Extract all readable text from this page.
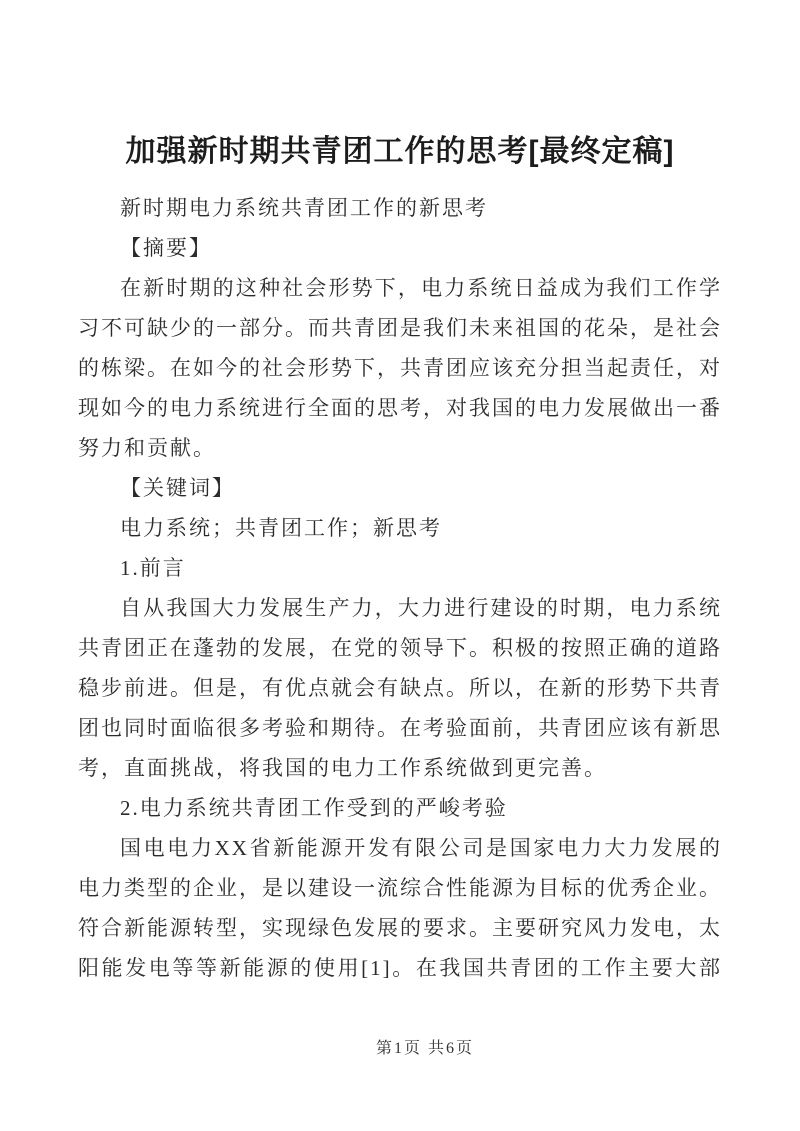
加强新时期共青团工作的思考[最终定稿]
新时期电力系统共青团工作的新思考
【摘要】
在新时期的这种社会形势下，电力系统日益成为我们工作学
习不可缺少的一部分。而共青团是我们未来祖国的花朵，是社会
的栋梁。在如今的社会形势下，共青团应该充分担当起责任，对
现如今的电力系统进行全面的思考，对我国的电力发展做出一番
努力和贡献。
【关键词】
电力系统；共青团工作；新思考
1.前言
自从我国大力发展生产力，大力进行建设的时期，电力系统
共青团正在蓬勃的发展，在党的领导下。积极的按照正确的道路
稳步前进。但是，有优点就会有缺点。所以，在新的形势下共青
团也同时面临很多考验和期待。在考验面前，共青团应该有新思
考，直面挑战，将我国的电力工作系统做到更完善。
2.电力系统共青团工作受到的严峻考验
国电电力XX省新能源开发有限公司是国家电力大力发展的
电力类型的企业，是以建设一流综合性能源为目标的优秀企业。
符合新能源转型，实现绿色发展的要求。主要研究风力发电，太
阳能发电等等新能源的使用[1]。在我国共青团的工作主要大部
第1页 共6页
